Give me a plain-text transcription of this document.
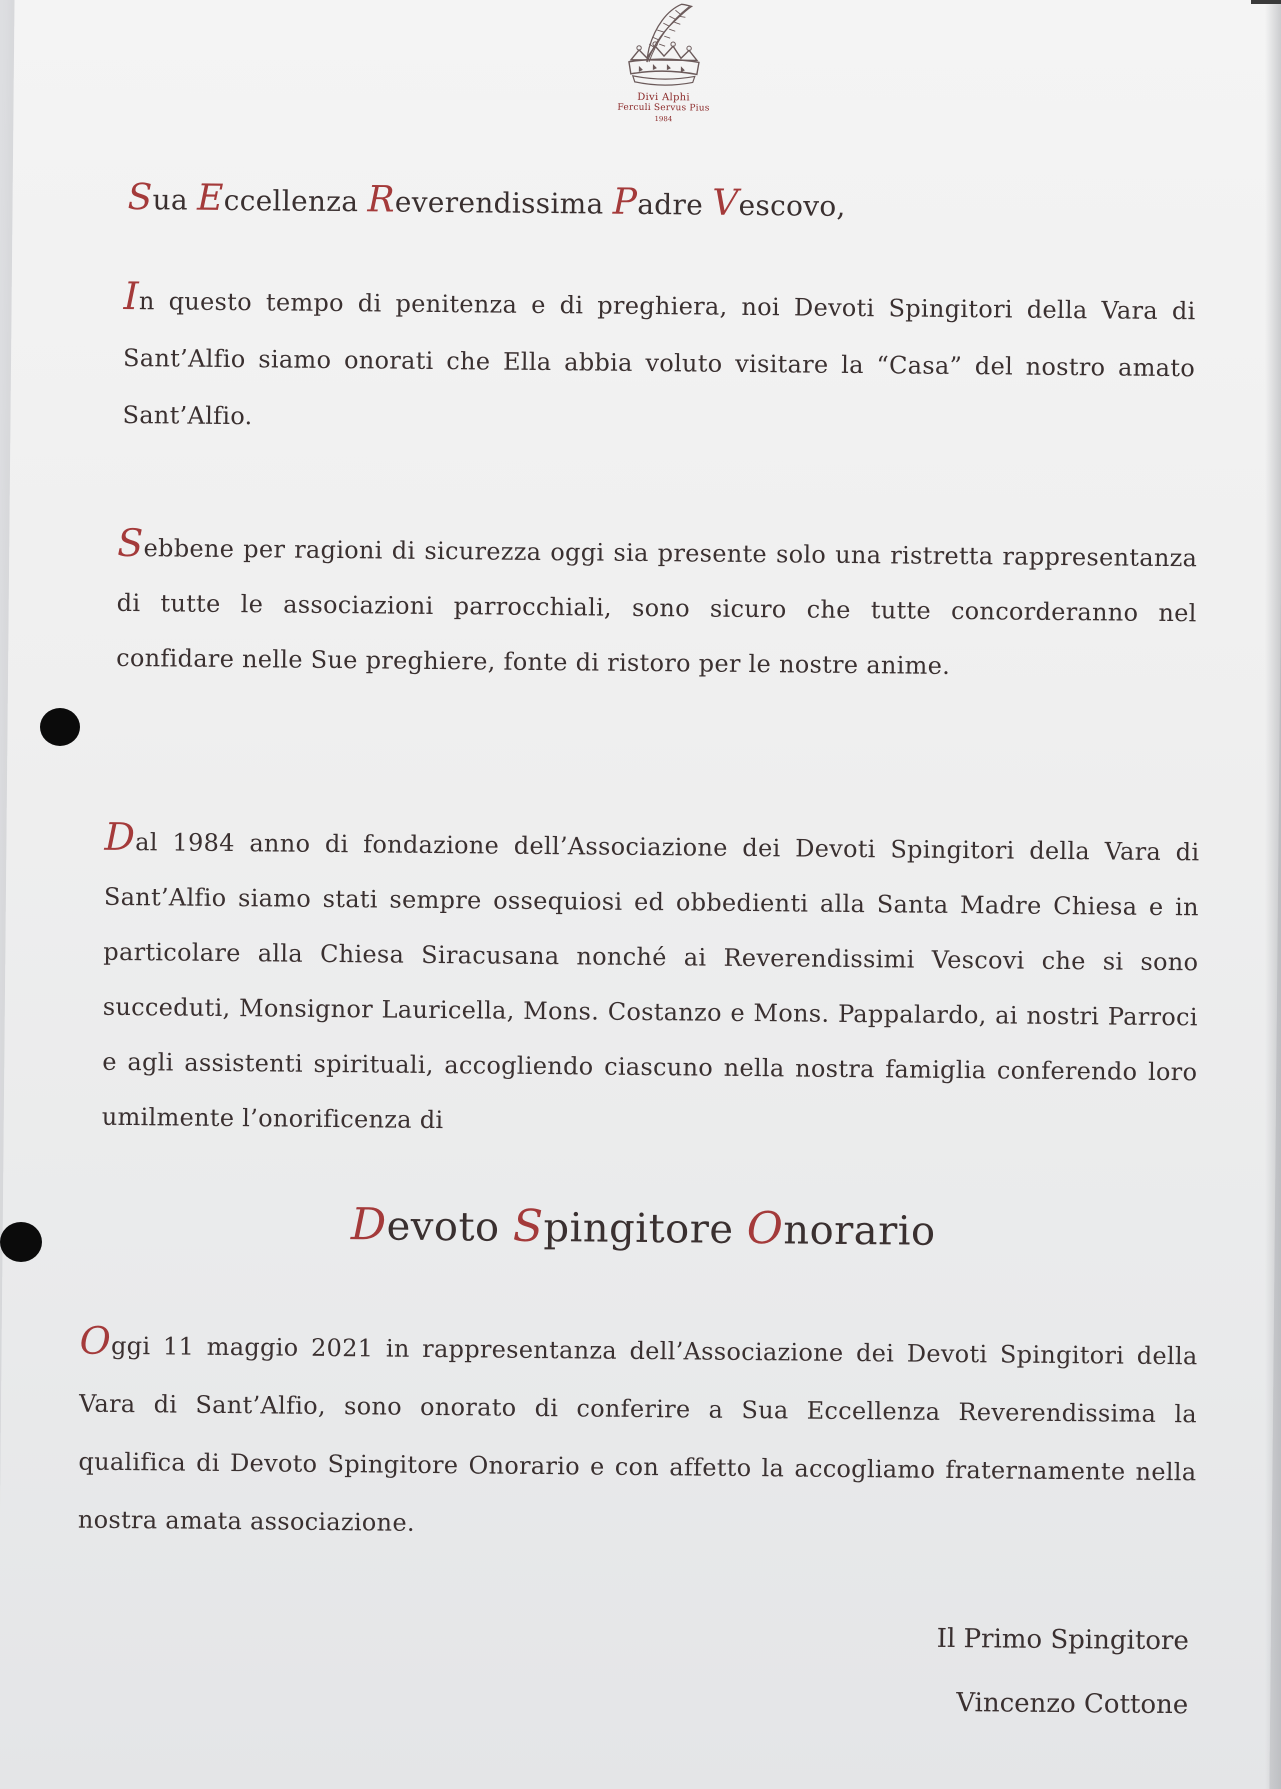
Divi Alphi
Ferculi Servus Pius
1984
Sua Eccellenza Reverendissima Padre Vescovo,
In questo tempo di penitenza e di preghiera, noi Devoti Spingitori della Vara di Sant’Alfio siamo onorati che Ella abbia voluto visitare la “Casa” del nostro amato Sant’Alfio.
Sebbene per ragioni di sicurezza oggi sia presente solo una ristretta rappresentanza di tutte le associazioni parrocchiali, sono sicuro che tutte concorderanno nel confidare nelle Sue preghiere, fonte di ristoro per le nostre anime.
Dal 1984 anno di fondazione dell’Associazione dei Devoti Spingitori della Vara di Sant’Alfio siamo stati sempre ossequiosi ed obbedienti alla Santa Madre Chiesa e in particolare alla Chiesa Siracusana nonché ai Reverendissimi Vescovi che si sono succeduti, Monsignor Lauricella, Mons. Costanzo e Mons. Pappalardo, ai nostri Parroci e agli assistenti spirituali, accogliendo ciascuno nella nostra famiglia conferendo loro umilmente l’onorificenza di
Devoto Spingitore Onorario
Oggi 11 maggio 2021 in rappresentanza dell’Associazione dei Devoti Spingitori della Vara di Sant’Alfio, sono onorato di conferire a Sua Eccellenza Reverendissima la qualifica di Devoto Spingitore Onorario e con affetto la accogliamo fraternamente nella nostra amata associazione.
Il Primo Spingitore
Vincenzo Cottone
